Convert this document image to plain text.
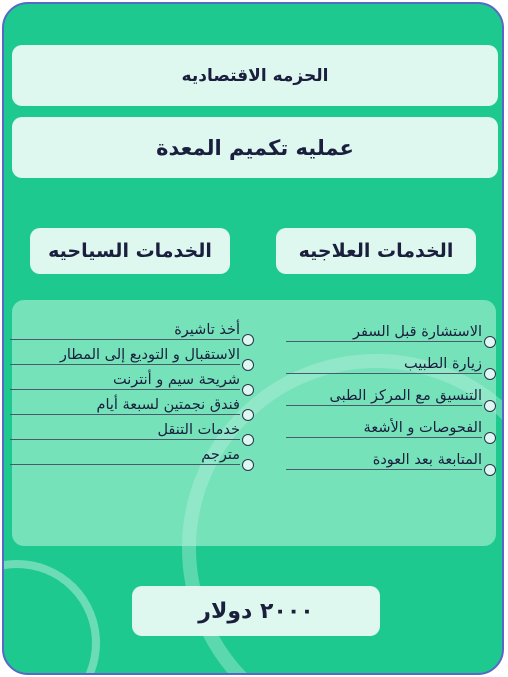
الحزمه الاقتصاديه
عمليه تكميم المعدة
الخدمات العلاجيه
الخدمات السياحيه
أخذ تاشيرة
الاستقبال و التوديع إلى المطار
شريحة سيم و أنترنت
فندق نجمتين لسبعة أيام
خدمات التنقل
مترجم
الاستشارة قبل السفر
زيارة الطبيب
التنسيق مع المركز الطبى
الفحوصات و الأشعة
المتابعة بعد العودة
٢٠٠٠ دولار
